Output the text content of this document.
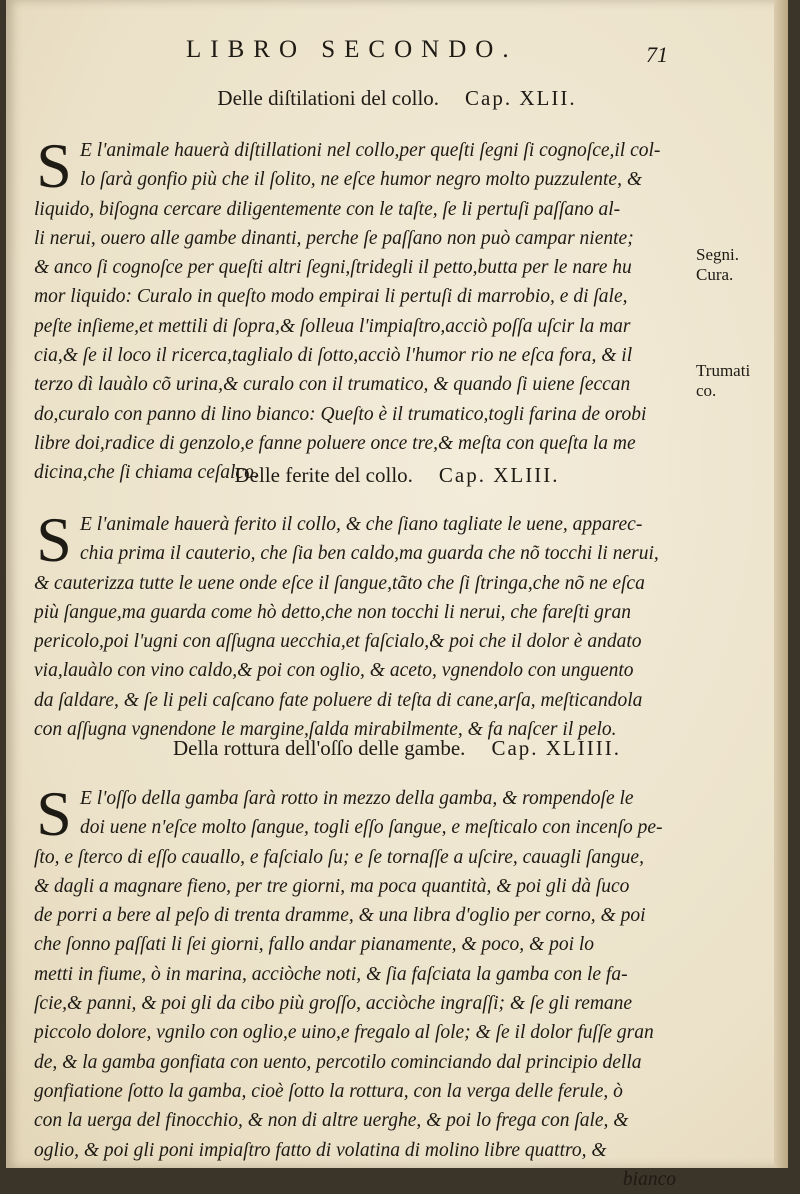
LIBRO SECONDO.	71
Delle diſtilationi del collo. Cap. XLII.
S E l'animale hauerà diſtillationi nel collo,per queſti ſegni ſi cognoſce,il col-
lo ſarà gonfio più che il ſolito, ne eſce humor negro molto puzzulente, &
liquido, biſogna cercare diligentemente con le taſte, ſe li pertuſi paſſano al-
li nerui, ouero alle gambe dinanti, perche ſe paſſano non può campar niente;
& anco ſi cognoſce per queſti altri ſegni,ſtridegli il petto,butta per le nare hu
mor liquido: Curalo in queſto modo empirai li pertuſi di marrobio, e di ſale,
peſte inſieme,et mettili di ſopra,& ſolleua l'impiaſtro,acciò poſſa uſcir la mar
cia,& ſe il loco il ricerca,taglialo di ſotto,acciò l'humor rio ne eſca fora, & il
terzo dì lauàlo cõ urina,& curalo con il trumatico, & quando ſi uiene ſeccan
do,curalo con panno di lino bianco: Queſto è il trumatico,togli farina de orobi
libre doi,radice di genzolo,e fanne poluere once tre,& meſta con queſta la me
dicina,che ſi chiama ceſalco.
Segni.
Cura.
Trumati
co.
Delle ferite del collo. Cap. XLIII.
S E l'animale hauerà ferito il collo, & che ſiano tagliate le uene, apparec-
chia prima il cauterio, che ſia ben caldo,ma guarda che nõ tocchi li nerui,
& cauterizza tutte le uene onde eſce il ſangue,tãto che ſi ſtringa,che nõ ne eſca
più ſangue,ma guarda come hò detto,che non tocchi li nerui, che fareſti gran
pericolo,poi l'ugni con aſſugna uecchia,et faſcialo,& poi che il dolor è andato
via,lauàlo con vino caldo,& poi con oglio, & aceto, vgnendolo con unguento
da ſaldare, & ſe li peli caſcano fate poluere di teſta di cane,arſa, meſticandola
con aſſugna vgnendone le margine,ſalda mirabilmente, & fa naſcer il pelo.
Della rottura dell'oſſo delle gambe. Cap. XLIIII.
S E l'oſſo della gamba ſarà rotto in mezzo della gamba, & rompendoſe le
doi uene n'eſce molto ſangue, togli eſſo ſangue, e meſticalo con incenſo pe-
ſto, e ſterco di eſſo cauallo, e faſcialo ſu; e ſe tornaſſe a uſcire, cauagli ſangue,
& dagli a magnare fieno, per tre giorni, ma poca quantità, & poi gli dà ſuco
de porri a bere al peſo di trenta dramme, & una libra d'oglio per corno, & poi
che ſonno paſſati li ſei giorni, fallo andar pianamente, & poco, & poi lo
metti in fiume, ò in marina, acciòche noti, & ſia faſciata la gamba con le fa-
ſcie,& panni, & poi gli da cibo più groſſo, acciòche ingraſſi; & ſe gli remane
piccolo dolore, vgnilo con oglio,e uino,e fregalo al ſole; & ſe il dolor fuſſe gran
de, & la gamba gonfiata con uento, percotilo cominciando dal principio della
gonfiatione ſotto la gamba, cioè ſotto la rottura, con la verga delle ferule, ò
con la uerga del finocchio, & non di altre uerghe, & poi lo frega con ſale, &
oglio, & poi gli poni impiaſtro fatto di volatina di molino libre quattro, &
bianco
